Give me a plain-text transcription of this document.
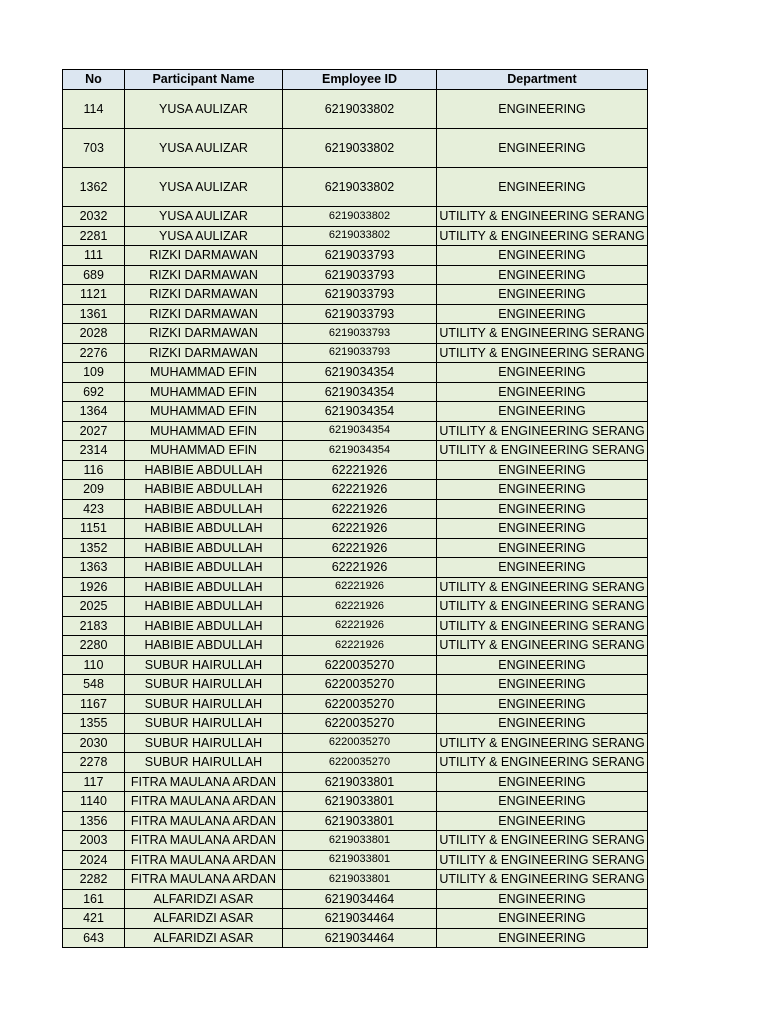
No	Participant Name	Employee ID	Department
114	YUSA AULIZAR	6219033802	ENGINEERING
703	YUSA AULIZAR	6219033802	ENGINEERING
1362	YUSA AULIZAR	6219033802	ENGINEERING
2032	YUSA AULIZAR	6219033802	UTILITY & ENGINEERING SERANG
2281	YUSA AULIZAR	6219033802	UTILITY & ENGINEERING SERANG
111	RIZKI DARMAWAN	6219033793	ENGINEERING
689	RIZKI DARMAWAN	6219033793	ENGINEERING
1121	RIZKI DARMAWAN	6219033793	ENGINEERING
1361	RIZKI DARMAWAN	6219033793	ENGINEERING
2028	RIZKI DARMAWAN	6219033793	UTILITY & ENGINEERING SERANG
2276	RIZKI DARMAWAN	6219033793	UTILITY & ENGINEERING SERANG
109	MUHAMMAD EFIN	6219034354	ENGINEERING
692	MUHAMMAD EFIN	6219034354	ENGINEERING
1364	MUHAMMAD EFIN	6219034354	ENGINEERING
2027	MUHAMMAD EFIN	6219034354	UTILITY & ENGINEERING SERANG
2314	MUHAMMAD EFIN	6219034354	UTILITY & ENGINEERING SERANG
116	HABIBIE ABDULLAH	62221926	ENGINEERING
209	HABIBIE ABDULLAH	62221926	ENGINEERING
423	HABIBIE ABDULLAH	62221926	ENGINEERING
1151	HABIBIE ABDULLAH	62221926	ENGINEERING
1352	HABIBIE ABDULLAH	62221926	ENGINEERING
1363	HABIBIE ABDULLAH	62221926	ENGINEERING
1926	HABIBIE ABDULLAH	62221926	UTILITY & ENGINEERING SERANG
2025	HABIBIE ABDULLAH	62221926	UTILITY & ENGINEERING SERANG
2183	HABIBIE ABDULLAH	62221926	UTILITY & ENGINEERING SERANG
2280	HABIBIE ABDULLAH	62221926	UTILITY & ENGINEERING SERANG
110	SUBUR HAIRULLAH	6220035270	ENGINEERING
548	SUBUR HAIRULLAH	6220035270	ENGINEERING
1167	SUBUR HAIRULLAH	6220035270	ENGINEERING
1355	SUBUR HAIRULLAH	6220035270	ENGINEERING
2030	SUBUR HAIRULLAH	6220035270	UTILITY & ENGINEERING SERANG
2278	SUBUR HAIRULLAH	6220035270	UTILITY & ENGINEERING SERANG
117	FITRA MAULANA ARDAN	6219033801	ENGINEERING
1140	FITRA MAULANA ARDAN	6219033801	ENGINEERING
1356	FITRA MAULANA ARDAN	6219033801	ENGINEERING
2003	FITRA MAULANA ARDAN	6219033801	UTILITY & ENGINEERING SERANG
2024	FITRA MAULANA ARDAN	6219033801	UTILITY & ENGINEERING SERANG
2282	FITRA MAULANA ARDAN	6219033801	UTILITY & ENGINEERING SERANG
161	ALFARIDZI ASAR	6219034464	ENGINEERING
421	ALFARIDZI ASAR	6219034464	ENGINEERING
643	ALFARIDZI ASAR	6219034464	ENGINEERING
